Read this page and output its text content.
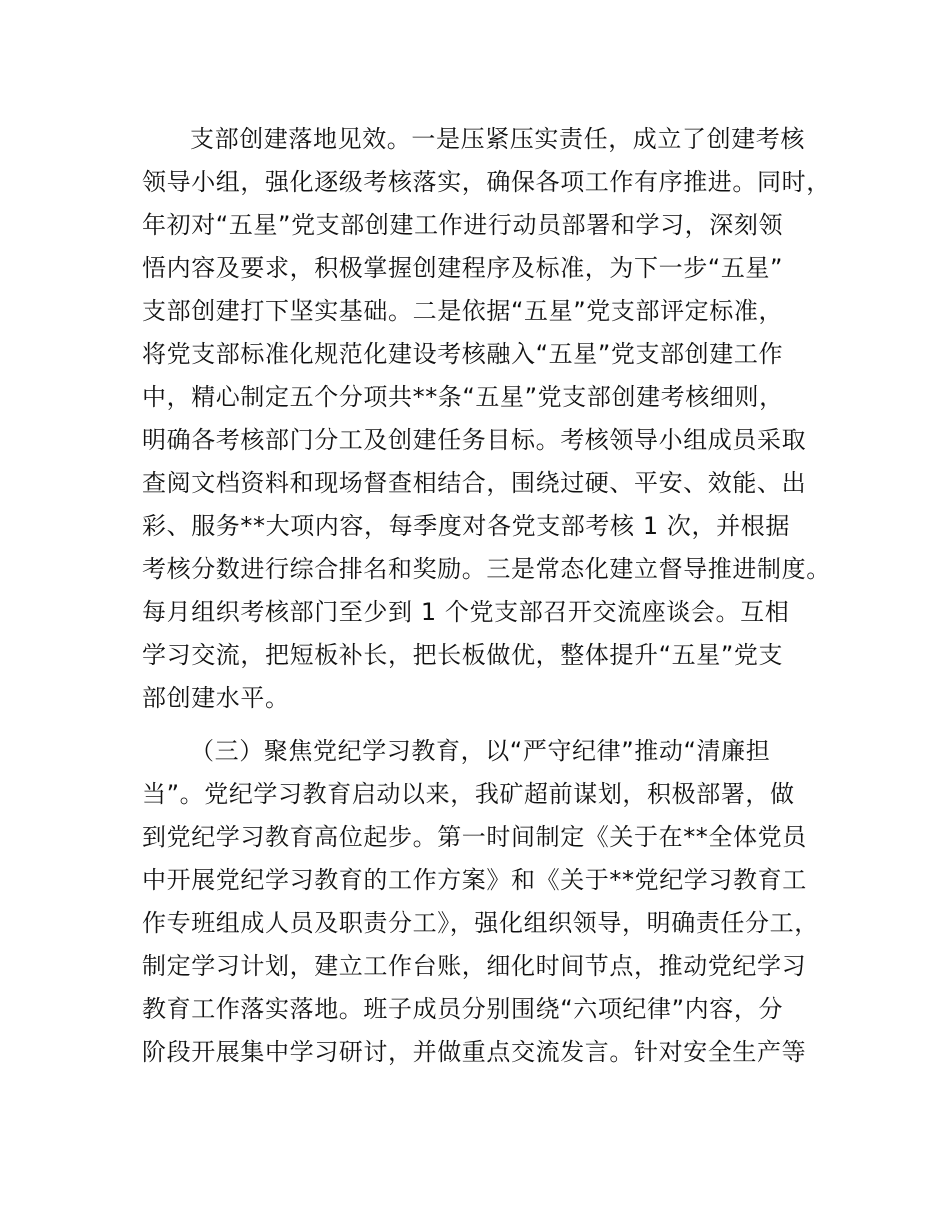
支部创建落地见效。一是压紧压实责任，成立了创建考核
领导小组，强化逐级考核落实，确保各项工作有序推进。同时，
年初对“五星”党支部创建工作进行动员部署和学习，深刻领
悟内容及要求，积极掌握创建程序及标准，为下一步“五星”
支部创建打下坚实基础。二是依据“五星”党支部评定标准，
将党支部标准化规范化建设考核融入“五星”党支部创建工作
中，精心制定五个分项共**条“五星”党支部创建考核细则，
明确各考核部门分工及创建任务目标。考核领导小组成员采取
查阅文档资料和现场督查相结合，围绕过硬、平安、效能、出
彩、服务**大项内容，每季度对各党支部考核 1 次，并根据
考核分数进行综合排名和奖励。三是常态化建立督导推进制度。
每月组织考核部门至少到 1 个党支部召开交流座谈会。互相
学习交流，把短板补长，把长板做优，整体提升“五星”党支
部创建水平。
（三）聚焦党纪学习教育，以“严守纪律”推动“清廉担
当”。党纪学习教育启动以来，我矿超前谋划，积极部署，做
到党纪学习教育高位起步。第一时间制定《关于在**全体党员
中开展党纪学习教育的工作方案》和《关于**党纪学习教育工
作专班组成人员及职责分工》，强化组织领导，明确责任分工，
制定学习计划，建立工作台账，细化时间节点，推动党纪学习
教育工作落实落地。班子成员分别围绕“六项纪律”内容，分
阶段开展集中学习研讨，并做重点交流发言。针对安全生产等
